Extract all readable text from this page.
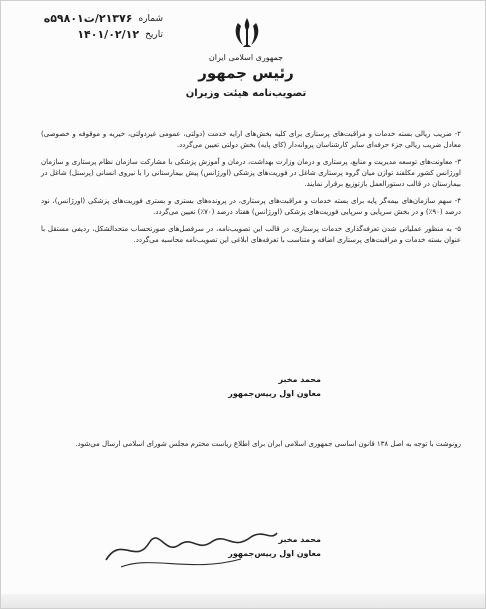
شماره
۲۱۳۷۶/ت۵۹۸۰۱ه
تاریخ
۱۴۰۱/۰۲/۱۲
جمهوری اسلامی ایران
رئیس جمهور
تصویب‌نامه هیئت وزیران

۲- ضریب ریالی بسته خدمات و مراقبت‌های پرستاری برای کلیه بخش‌های ارایه خدمت (دولتی، عمومی غیردولتی، خیریه و موقوفه و خصوصی) معادل ضریب ریالی جزء حرفه‌ای سایر کارشناسان پروانه‌دار (کای پایه) بخش دولتی تعیین می‌گردد.

۳- معاونت‌های توسعه مدیریت و منابع، پرستاری و درمان وزارت بهداشت، درمان و آموزش پزشکی با مشارکت سازمان نظام پرستاری و سازمان اورژانس کشور مکلفند توازن میان گروه پرستاری شاغل در فوریت‌های پزشکی (اورژانس) پیش بیمارستانی را با نیروی انسانی (پرسنل) شاغل در بیمارستان در قالب دستورالعمل بازتوزیع برقرار نمایند.

۴- سهم سازمان‌های بیمه‌گر پایه برای بسته خدمات و مراقبت‌های پرستاری، در پرونده‌های بستری و بستری فوریت‌های پزشکی (اورژانس)، نود درصد (۹۰٪) و در بخش سرپایی و سرپایی فوریت‌های پزشکی (اورژانس) هفتاد درصد (۷۰٪) تعیین می‌گردد.

۵- به منظور عملیاتی شدن تعرفه‌گذاری خدمات پرستاری، در قالب این تصویب‌نامه، در سرفصل‌های صورتحساب متحدالشکل، ردیفی مستقل با عنوان بسته خدمات و مراقبت‌های پرستاری اضافه و متناسب با تعرفه‌های ابلاغی این تصویب‌نامه محاسبه می‌گردد.

محمد مخبر
معاون اول رییس‌جمهور
رونوشت با توجه به اصل ۱۳۸ قانون اساسی جمهوری اسلامی ایران برای اطلاع ریاست محترم مجلس شورای اسلامی ارسال می‌شود.
محمد مخبر
معاون اول رییس‌جمهور
